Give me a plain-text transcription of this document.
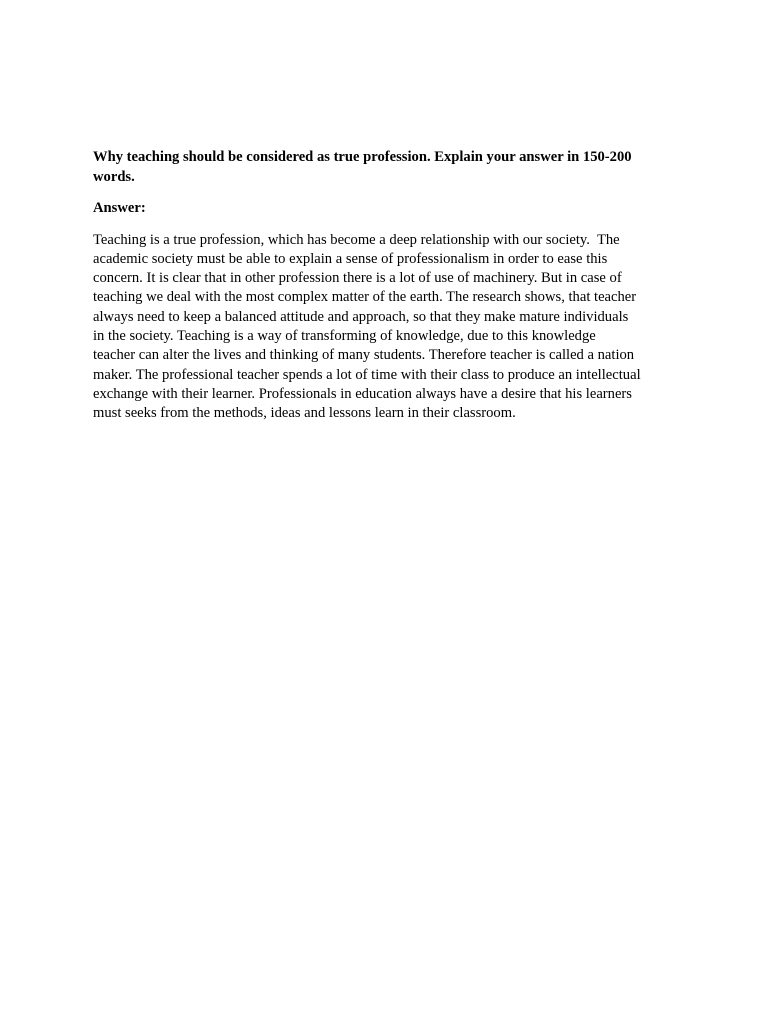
Why teaching should be considered as true profession. Explain your answer in 150-200
words.

Answer:

Teaching is a true profession, which has become a deep relationship with our society.  The
academic society must be able to explain a sense of professionalism in order to ease this
concern. It is clear that in other profession there is a lot of use of machinery. But in case of
teaching we deal with the most complex matter of the earth. The research shows, that teacher
always need to keep a balanced attitude and approach, so that they make mature individuals
in the society. Teaching is a way of transforming of knowledge, due to this knowledge
teacher can alter the lives and thinking of many students. Therefore teacher is called a nation
maker. The professional teacher spends a lot of time with their class to produce an intellectual
exchange with their learner. Professionals in education always have a desire that his learners
must seeks from the methods, ideas and lessons learn in their classroom.
